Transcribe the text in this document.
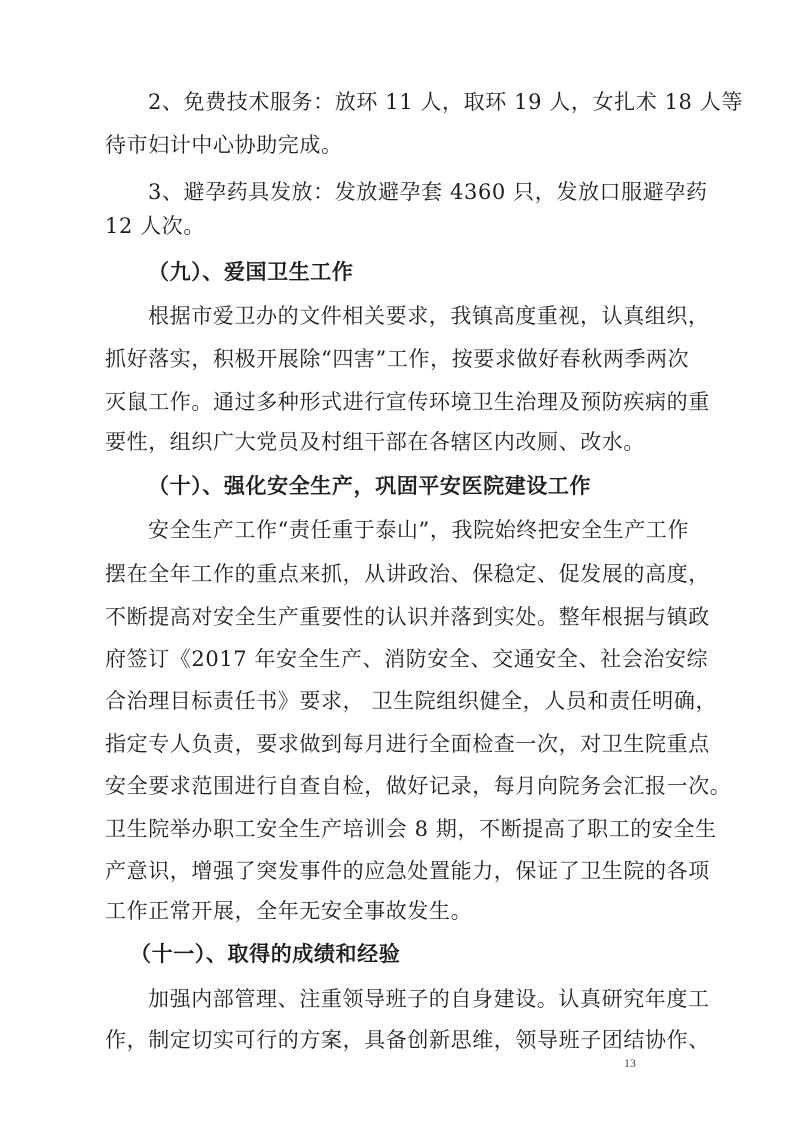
2、免费技术服务：放环 11 人，取环 19 人，女扎术 18 人等
待市妇计中心协助完成。
3、避孕药具发放：发放避孕套 4360 只，发放口服避孕药
12 人次。
（九）、爱国卫生工作
根据市爱卫办的文件相关要求，我镇高度重视，认真组织，
抓好落实，积极开展除“四害”工作，按要求做好春秋两季两次
灭鼠工作。通过多种形式进行宣传环境卫生治理及预防疾病的重
要性，组织广大党员及村组干部在各辖区内改厕、改水。
（十）、强化安全生产，巩固平安医院建设工作
安全生产工作“责任重于泰山”，我院始终把安全生产工作
摆在全年工作的重点来抓，从讲政治、保稳定、促发展的高度，
不断提高对安全生产重要性的认识并落到实处。整年根据与镇政
府签订《2017 年安全生产、消防安全、交通安全、社会治安综
合治理目标责任书》要求， 卫生院组织健全，人员和责任明确，
指定专人负责，要求做到每月进行全面检查一次，对卫生院重点
安全要求范围进行自查自检，做好记录，每月向院务会汇报一次。
卫生院举办职工安全生产培训会 8 期，不断提高了职工的安全生
产意识，增强了突发事件的应急处置能力，保证了卫生院的各项
工作正常开展，全年无安全事故发生。
（十一）、取得的成绩和经验
加强内部管理、注重领导班子的自身建设。认真研究年度工
作，制定切实可行的方案，具备创新思维，领导班子团结协作、
13
